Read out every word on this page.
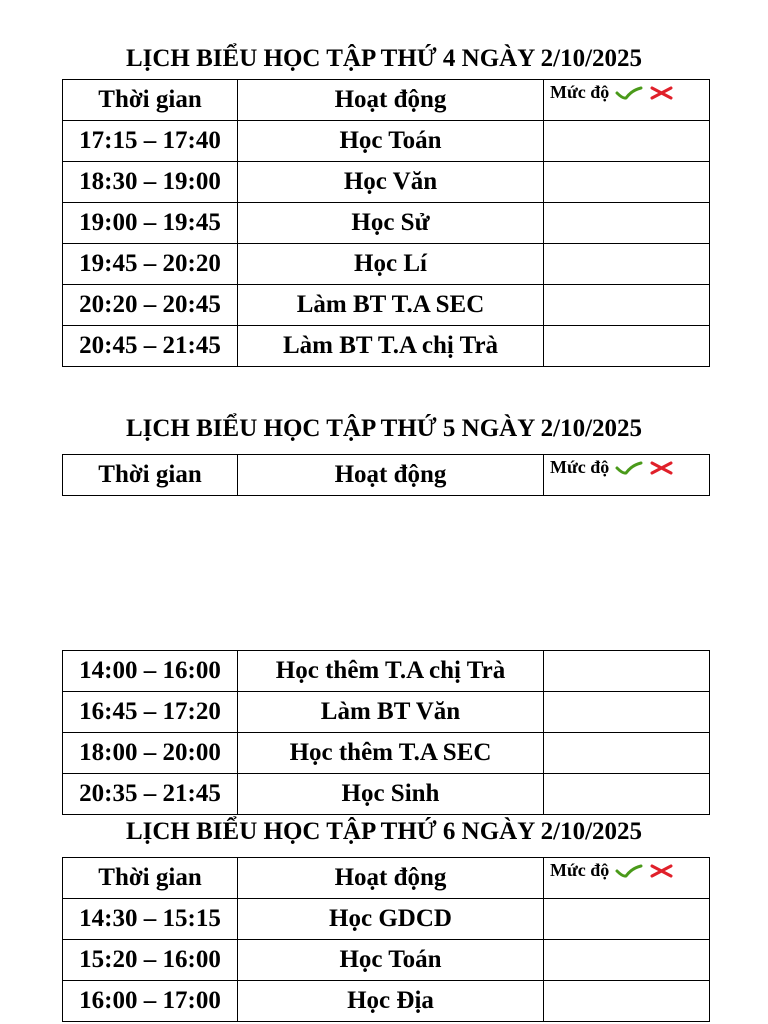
LỊCH BIỂU HỌC TẬP THỨ 4 NGÀY 2/10/2025
Thời gian	Hoạt động	Mức độ

17:15 – 17:40	Học Toán	
18:30 – 19:00	Học Văn	
19:00 – 19:45	Học Sử	
19:45 – 20:20	Học Lí	
20:20 – 20:45	Làm BT T.A SEC	
20:45 – 21:45	Làm BT T.A chị Trà	
LỊCH BIỂU HỌC TẬP THỨ 5 NGÀY 2/10/2025
Thời gian	Hoạt động	Mức độ
14:00 – 16:00	Học thêm T.A chị Trà	
16:45 – 17:20	Làm BT Văn	
18:00 – 20:00	Học thêm T.A SEC	
20:35 – 21:45	Học Sinh	
LỊCH BIỂU HỌC TẬP THỨ 6 NGÀY 2/10/2025
Thời gian	Hoạt động	Mức độ

14:30 – 15:15	Học GDCD	
15:20 – 16:00	Học Toán	
16:00 – 17:00	Học Địa	
